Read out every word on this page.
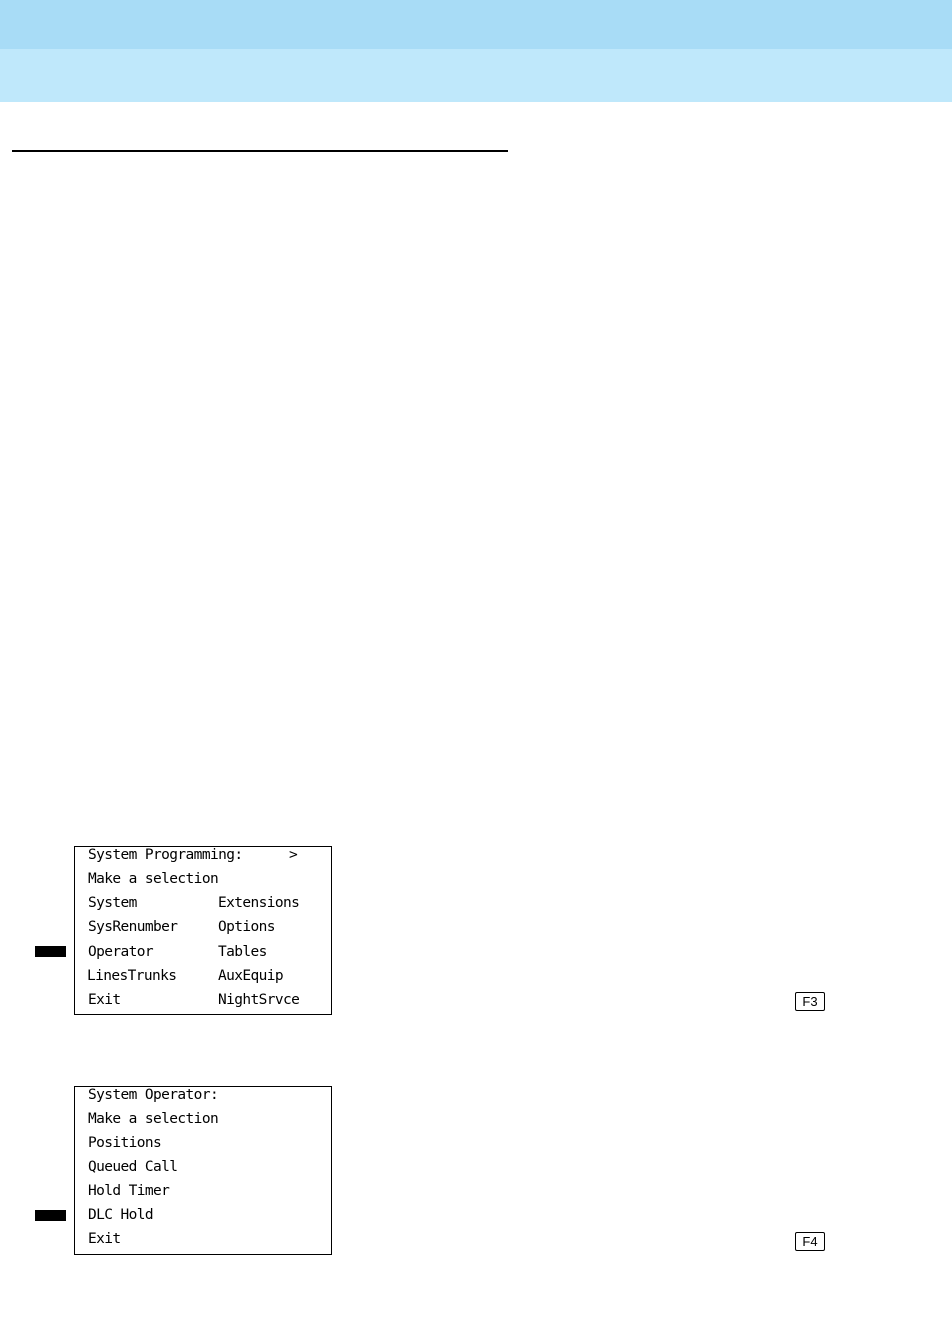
System Programming:	>
Make a selection
System	Extensions
SysRenumber	Options
Operator	Tables
LinesTrunks	AuxEquip
Exit	NightSrvce	F3
System Operator:
Make a selection
Positions
Queued Call
Hold Timer
DLC Hold
Exit	F4
